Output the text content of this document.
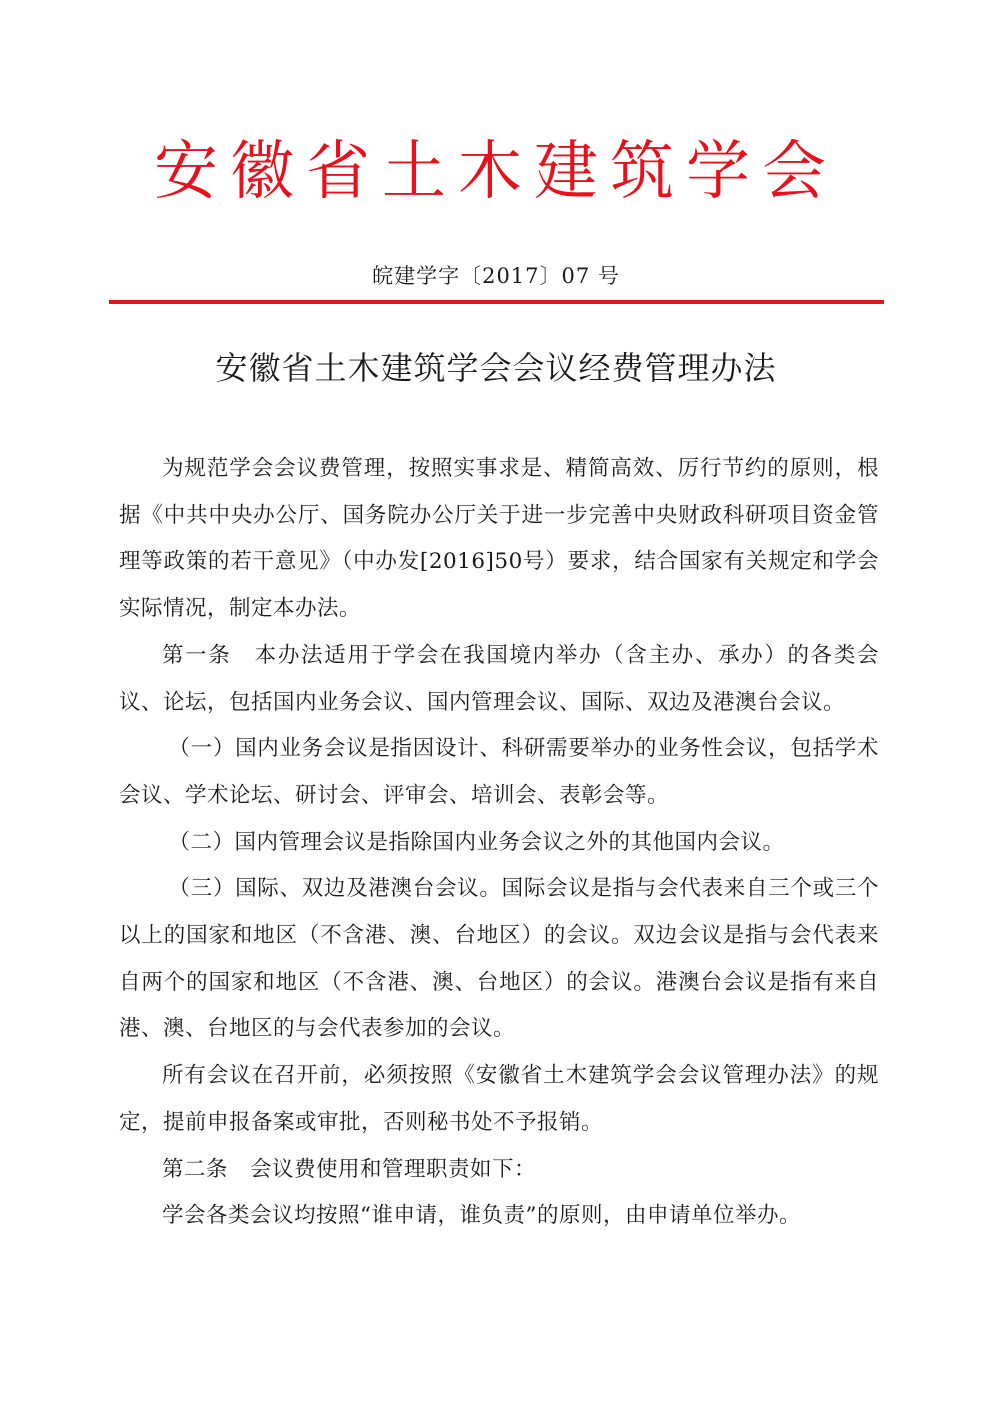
安徽省土木建筑学会
皖建学字〔2017〕07 号
安徽省土木建筑学会会议经费管理办法

为规范学会会议费管理，按照实事求是、精简高效、厉行节约的原则，根据《中共中央办公厅、国务院办公厅关于进一步完善中央财政科研项目资金管理等政策的若干意见》（中办发[2016]50号）要求，结合国家有关规定和学会实际情况，制定本办法。

第一条　本办法适用于学会在我国境内举办（含主办、承办）的各类会议、论坛，包括国内业务会议、国内管理会议、国际、双边及港澳台会议。

（一）国内业务会议是指因设计、科研需要举办的业务性会议，包括学术会议、学术论坛、研讨会、评审会、培训会、表彰会等。

（二）国内管理会议是指除国内业务会议之外的其他国内会议。

（三）国际、双边及港澳台会议。国际会议是指与会代表来自三个或三个以上的国家和地区（不含港、澳、台地区）的会议。双边会议是指与会代表来自两个的国家和地区（不含港、澳、台地区）的会议。港澳台会议是指有来自港、澳、台地区的与会代表参加的会议。

所有会议在召开前，必须按照《安徽省土木建筑学会会议管理办法》的规定，提前申报备案或审批，否则秘书处不予报销。

第二条　会议费使用和管理职责如下：

学会各类会议均按照“谁申请，谁负责”的原则，由申请单位举办。
